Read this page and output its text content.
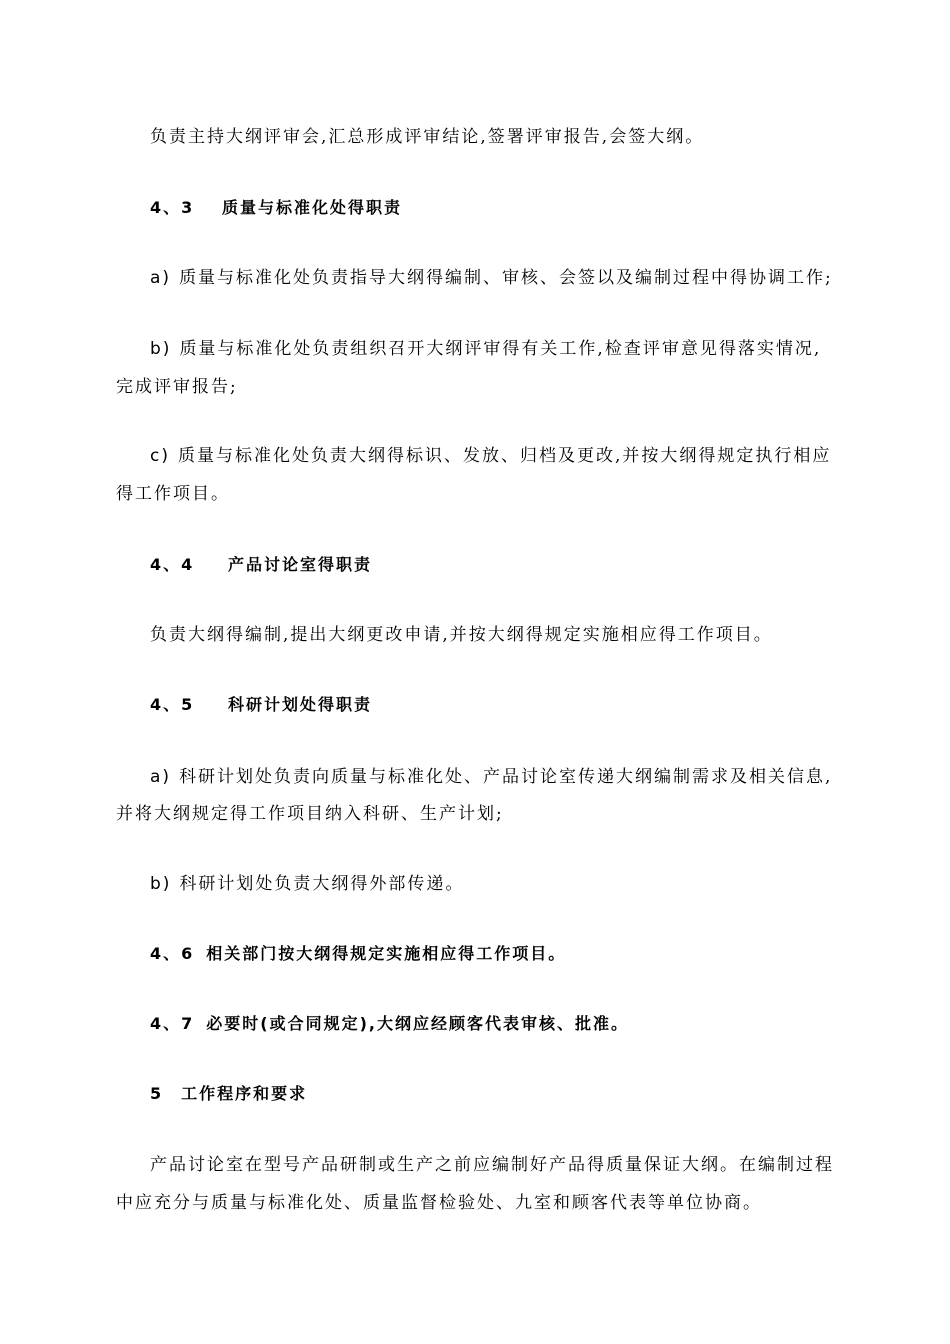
负责主持大纲评审会,汇总形成评审结论,签署评审报告,会签大纲。
4、3 质量与标准化处得职责
a) 质量与标准化处负责指导大纲得编制、审核、会签以及编制过程中得协调工作;
b) 质量与标准化处负责组织召开大纲评审得有关工作,检查评审意见得落实情况,
完成评审报告;
c) 质量与标准化处负责大纲得标识、发放、归档及更改,并按大纲得规定执行相应
得工作项目。
4、4 产品讨论室得职责
负责大纲得编制,提出大纲更改申请,并按大纲得规定实施相应得工作项目。
4、5 科研计划处得职责
a) 科研计划处负责向质量与标准化处、产品讨论室传递大纲编制需求及相关信息,
并将大纲规定得工作项目纳入科研、生产计划;
b) 科研计划处负责大纲得外部传递。
4、6 相关部门按大纲得规定实施相应得工作项目。
4、7 必要时(或合同规定),大纲应经顾客代表审核、批准。
5 工作程序和要求
产品讨论室在型号产品研制或生产之前应编制好产品得质量保证大纲。在编制过程
中应充分与质量与标准化处、质量监督检验处、九室和顾客代表等单位协商。
